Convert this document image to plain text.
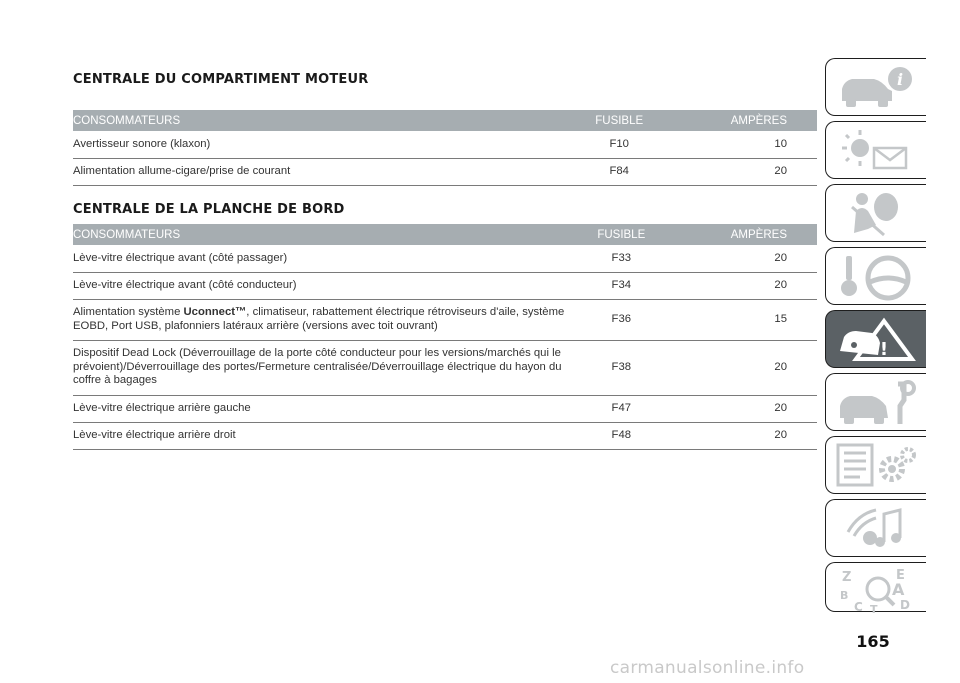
CENTRALE DU COMPARTIMENT MOTEUR
CONSOMMATEURS	FUSIBLE	AMPÈRES
Avertisseur sonore (klaxon)	F10	10
Alimentation allume-cigare/prise de courant	F84	20
CENTRALE DE LA PLANCHE DE BORD
CONSOMMATEURS	FUSIBLE	AMPÈRES
Lève-vitre électrique avant (côté passager)	F33	20
Lève-vitre électrique avant (côté conducteur)	F34	20
Alimentation système Uconnect™, climatiseur, rabattement électrique rétroviseurs d'aile, système EOBD, Port USB, plafonniers latéraux arrière (versions avec toit ouvrant)	F36	15
Dispositif Dead Lock (Déverrouillage de la porte côté conducteur pour les versions/marchés qui le prévoient)/Déverrouillage des portes/Fermeture centralisée/Déverrouillage électrique du hayon du coffre à bagages	F38	20
Lève-vitre électrique arrière gauche	F47	20
Lève-vitre électrique arrière droit	F48	20
i
!
Z	E
B	A
C T D
165
carmanualsonline.info
